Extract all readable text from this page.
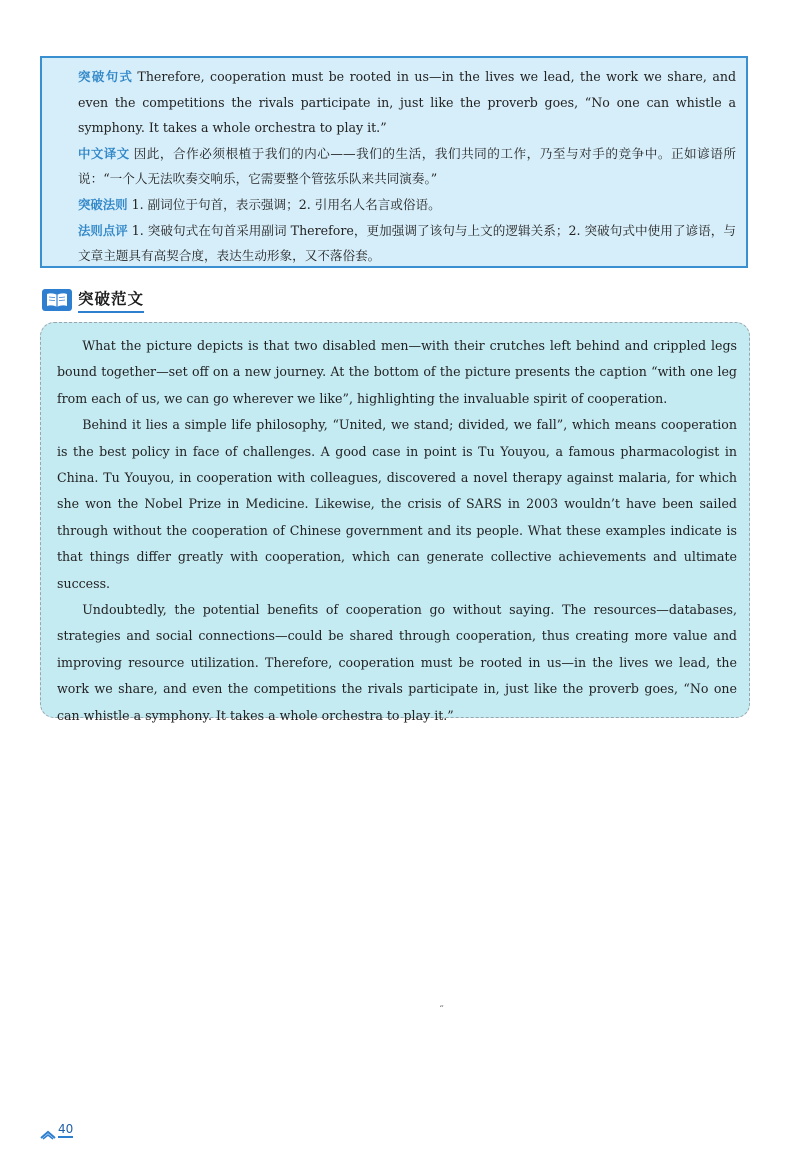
突破句式 Therefore, cooperation must be rooted in us—in the lives we lead, the work we share, and even the competitions the rivals participate in, just like the proverb goes, “No one can whistle a symphony. It takes a whole orchestra to play it.”
中文译文 因此，合作必须根植于我们的内心——我们的生活，我们共同的工作，乃至与对手的竞争中。正如谚语所说：“一个人无法吹奏交响乐，它需要整个管弦乐队来共同演奏。”
突破法则 1. 副词位于句首，表示强调；2. 引用名人名言或俗语。
法则点评 1. 突破句式在句首采用副词 Therefore，更加强调了该句与上文的逻辑关系；2. 突破句式中使用了谚语，与文章主题具有高契合度，表达生动形象，又不落俗套。
突破范文

What the picture depicts is that two disabled men—with their crutches left behind and crippled legs bound together—set off on a new journey. At the bottom of the picture presents the caption “with one leg from each of us, we can go wherever we like”, highlighting the invaluable spirit of cooperation.

Behind it lies a simple life philosophy, “United, we stand; divided, we fall”, which means cooperation is the best policy in face of challenges. A good case in point is Tu Youyou, a famous pharmacologist in China. Tu Youyou, in cooperation with colleagues, discovered a novel therapy against malaria, for which she won the Nobel Prize in Medicine. Likewise, the crisis of SARS in 2003 wouldn’t have been sailed through without the cooperation of Chinese government and its people. What these examples indicate is that things differ greatly with cooperation, which can generate collective achievements and ultimate success.

Undoubtedly, the potential benefits of cooperation go without saying. The resources—databases, strategies and social connections—could be shared through cooperation, thus creating more value and improving resource utilization. Therefore, cooperation must be rooted in us—in the lives we lead, the work we share, and even the competitions the rivals participate in, just like the proverb goes, “No one can whistle a symphony. It takes a whole orchestra to play it.”

˶
40
